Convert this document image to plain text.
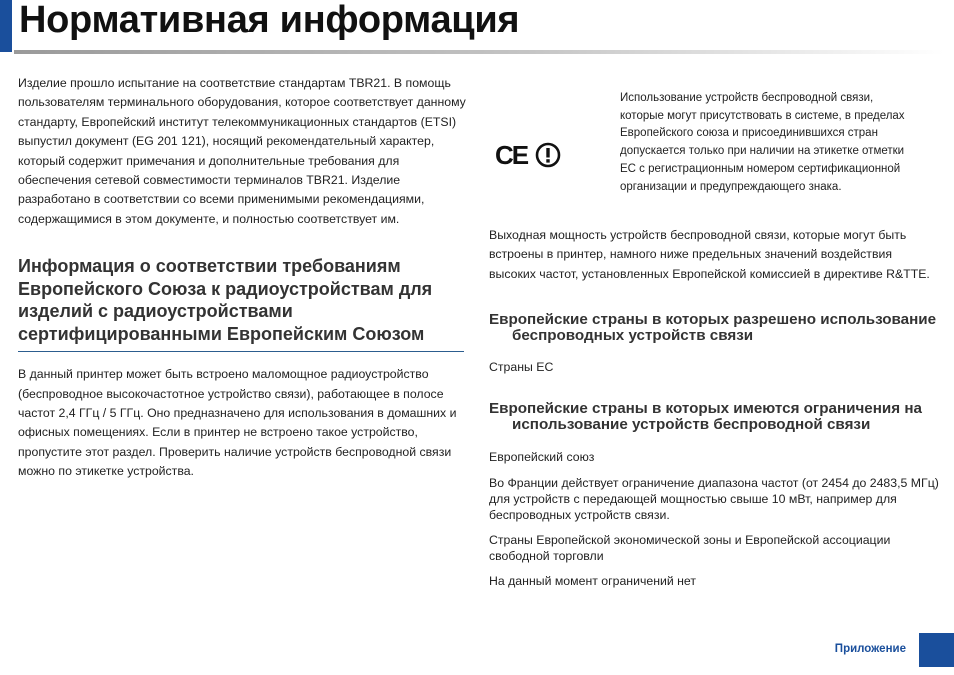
Нормативная информация

Изделие прошло испытание на соответствие стандартам TBR21. В помощь пользователям терминального оборудования, которое соответствует данному стандарту, Европейский институт телекоммуникационных стандартов (ETSI) выпустил документ (EG 201 121), носящий рекомендательный характер, который содержит примечания и дополнительные требования для обеспечения сетевой совместимости терминалов TBR21. Изделие разработано в соответствии со всеми применимыми рекомендациями, содержащимися в этом документе, и полностью соответствует им.

Информация о соответствии требованиям Европейского Союза к радиоустройствам для изделий с радиоустройствами сертифицированными Европейским Союзом

В данный принтер может быть встроено маломощное радиоустройство (беспроводное высокочастотное устройство связи), работающее в полосе частот 2,4 ГГц / 5 ГГц. Оно предназначено для использования в домашних и офисных помещениях. Если в принтер не встроено такое устройство, пропустите этот раздел. Проверить наличие устройств беспроводной связи можно по этикетке устройства.

CE

Использование устройств беспроводной связи, которые могут присутствовать в системе, в пределах Европейского союза и присоединившихся стран допускается только при наличии на этикетке отметки ЕС с регистрационным номером сертификационной организации и предупреждающего знака.

Выходная мощность устройств беспроводной связи, которые могут быть встроены в принтер, намного ниже предельных значений воздействия высоких частот, установленных Европейской комиссией в директиве R&TTE.

Европейские страны в которых разрешено использование беспроводных устройств связи

Страны ЕС

Европейские страны в которых имеются ограничения на использование устройств беспроводной связи

Европейский союз

Во Франции действует ограничение диапазона частот (от 2454 до 2483,5 МГц) для устройств с передающей мощностью свыше 10 мВт, например для беспроводных устройств связи.

Страны Европейской экономической зоны и Европейской ассоциации свободной торговли

На данный момент ограничений нет

Приложение
